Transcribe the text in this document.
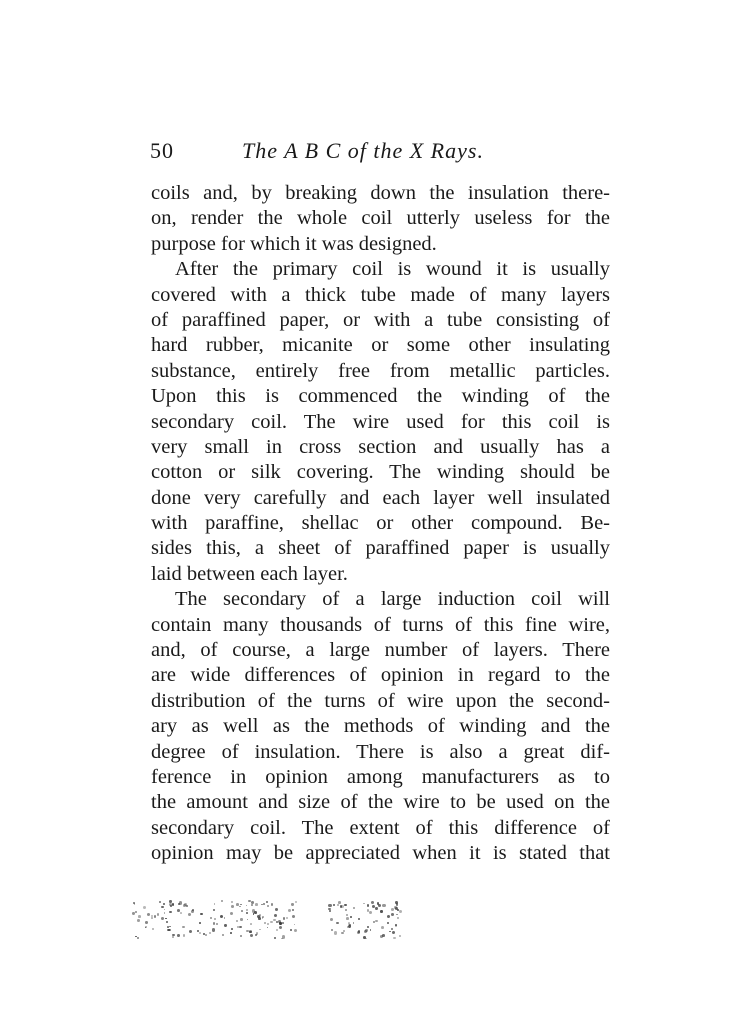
50	The A B C of the X Rays.
coils and, by breaking down the insulation there-
on, render the whole coil utterly useless for the
purpose for which it was designed.
After the primary coil is wound it is usually
covered with a thick tube made of many layers
of paraffined paper, or with a tube consisting of
hard rubber, micanite or some other insulating
substance, entirely free from metallic particles.
Upon this is commenced the winding of the
secondary coil. The wire used for this coil is
very small in cross section and usually has a
cotton or silk covering. The winding should be
done very carefully and each layer well insulated
with paraffine, shellac or other compound. Be-
sides this, a sheet of paraffined paper is usually
laid between each layer.
The secondary of a large induction coil will
contain many thousands of turns of this fine wire,
and, of course, a large number of layers. There
are wide differences of opinion in regard to the
distribution of the turns of wire upon the second-
ary as well as the methods of winding and the
degree of insulation. There is also a great dif-
ference in opinion among manufacturers as to
the amount and size of the wire to be used on the
secondary coil. The extent of this difference of
opinion may be appreciated when it is stated that
